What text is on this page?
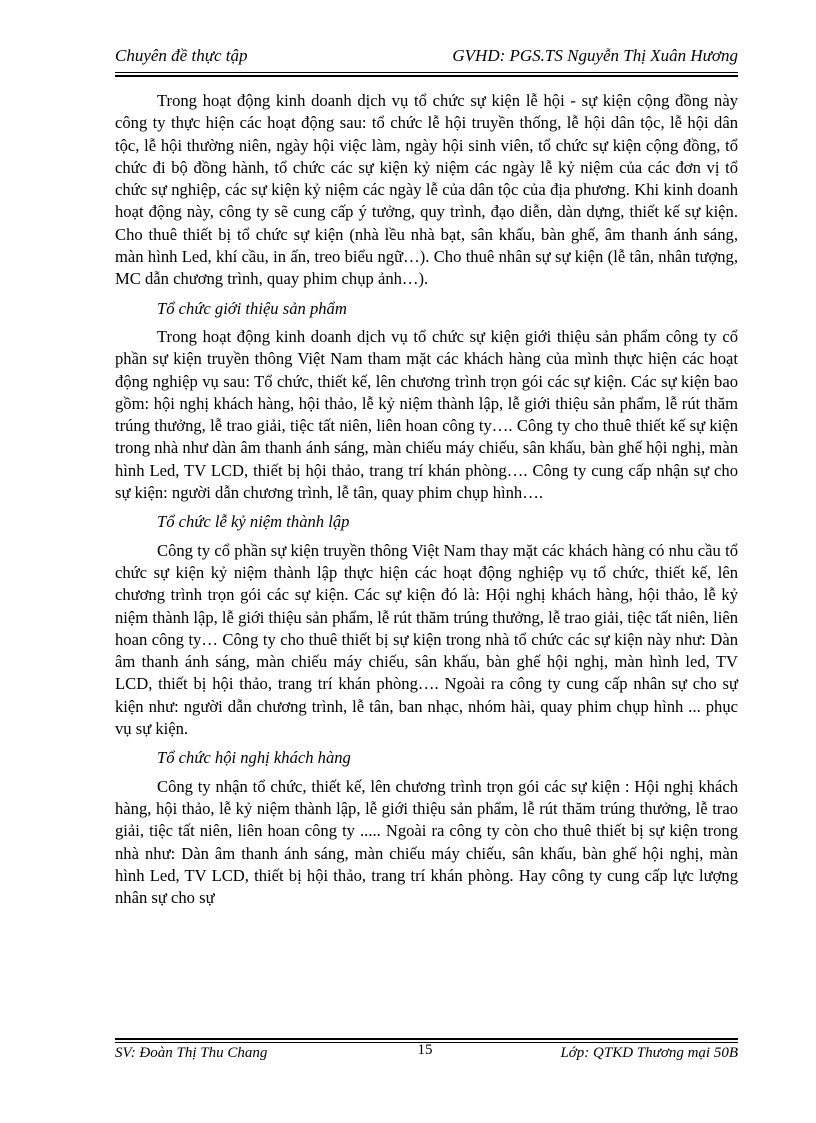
Chuyên đề thực tập	GVHD: PGS.TS Nguyễn Thị Xuân Hương

Trong hoạt động kinh doanh dịch vụ tổ chức sự kiện lễ hội - sự kiện cộng đồng này công ty thực hiện các hoạt động sau: tổ chức lễ hội truyền thống, lễ hội dân tộc, lễ hội dân tộc, lễ hội thường niên, ngày hội việc làm, ngày hội sinh viên, tổ chức sự kiện cộng đồng, tổ chức đi bộ đồng hành, tổ chức các sự kiện kỷ niệm các ngày lễ kỷ niệm của các đơn vị tổ chức sự nghiệp, các sự kiện kỷ niệm các ngày lễ của dân tộc của địa phương. Khi kinh doanh hoạt động này, công ty sẽ cung cấp ý tưởng, quy trình, đạo diễn, dàn dựng, thiết kế sự kiện. Cho thuê thiết bị tổ chức sự kiện (nhà lều nhà bạt, sân khấu, bàn ghế, âm thanh ánh sáng, màn hình Led, khí cầu, in ấn, treo biểu ngữ…). Cho thuê nhân sự sự kiện (lễ tân, nhân tượng, MC dẫn chương trình, quay phim chụp ảnh…).

Tổ chức giới thiệu sản phẩm

Trong hoạt động kinh doanh dịch vụ tổ chức sự kiện giới thiệu sản phẩm công ty cổ phần sự kiện truyền thông Việt Nam tham mặt các khách hàng của mình thực hiện các hoạt động nghiệp vụ sau: Tổ chức, thiết kế, lên chương trình trọn gói các sự kiện. Các sự kiện bao gồm: hội nghị khách hàng, hội thảo, lễ kỷ niệm thành lập, lễ giới thiệu sản phẩm, lễ rút thăm trúng thưởng, lễ trao giải, tiệc tất niên, liên hoan công ty…. Công ty cho thuê thiết kế sự kiện trong nhà như dàn âm thanh ánh sáng, màn chiếu máy chiếu, sân khấu, bàn ghế hội nghị, màn hình Led, TV LCD, thiết bị hội thảo, trang trí khán phòng…. Công ty cung cấp nhận sự cho sự kiện: người dẫn chương trình, lễ tân, quay phim chụp hình….

Tổ chức lễ kỷ niệm thành lập

Công ty cổ phần sự kiện truyền thông Việt Nam thay mặt các khách hàng có nhu cầu tổ chức sự kiện kỷ niệm thành lập thực hiện các hoạt động nghiệp vụ tổ chức, thiết kế, lên chương trình trọn gói các sự kiện. Các sự kiện đó là: Hội nghị khách hàng, hội thảo, lễ kỷ niệm thành lập, lễ giới thiệu sản phẩm, lễ rút thăm trúng thưởng, lễ trao giải, tiệc tất niên, liên hoan công ty… Công ty cho thuê thiết bị sự kiện trong nhà tổ chức các sự kiện này như: Dàn âm thanh ánh sáng, màn chiếu máy chiếu, sân khấu, bàn ghế hội nghị, màn hình led, TV LCD, thiết bị hội thảo, trang trí khán phòng…. Ngoài ra công ty cung cấp nhân sự cho sự kiện như: người dẫn chương trình, lễ tân, ban nhạc, nhóm hài, quay phim chụp hình ... phục vụ sự kiện.

Tổ chức hội nghị khách hàng

Công ty nhận tổ chức, thiết kế, lên chương trình trọn gói các sự kiện : Hội nghị khách hàng, hội thảo, lễ kỷ niệm thành lập, lễ giới thiệu sản phẩm, lễ rút thăm trúng thưởng, lễ trao giải, tiệc tất niên, liên hoan công ty ..... Ngoài ra công ty còn cho thuê thiết bị sự kiện trong nhà như: Dàn âm thanh ánh sáng, màn chiếu máy chiếu, sân khấu, bàn ghế hội nghị, màn hình Led, TV LCD, thiết bị hội thảo, trang trí khán phòng. Hay công ty cung cấp lực lượng nhân sự cho sự

SV: Đoàn Thị Thu Chang	15	Lớp: QTKD Thương mại 50B
